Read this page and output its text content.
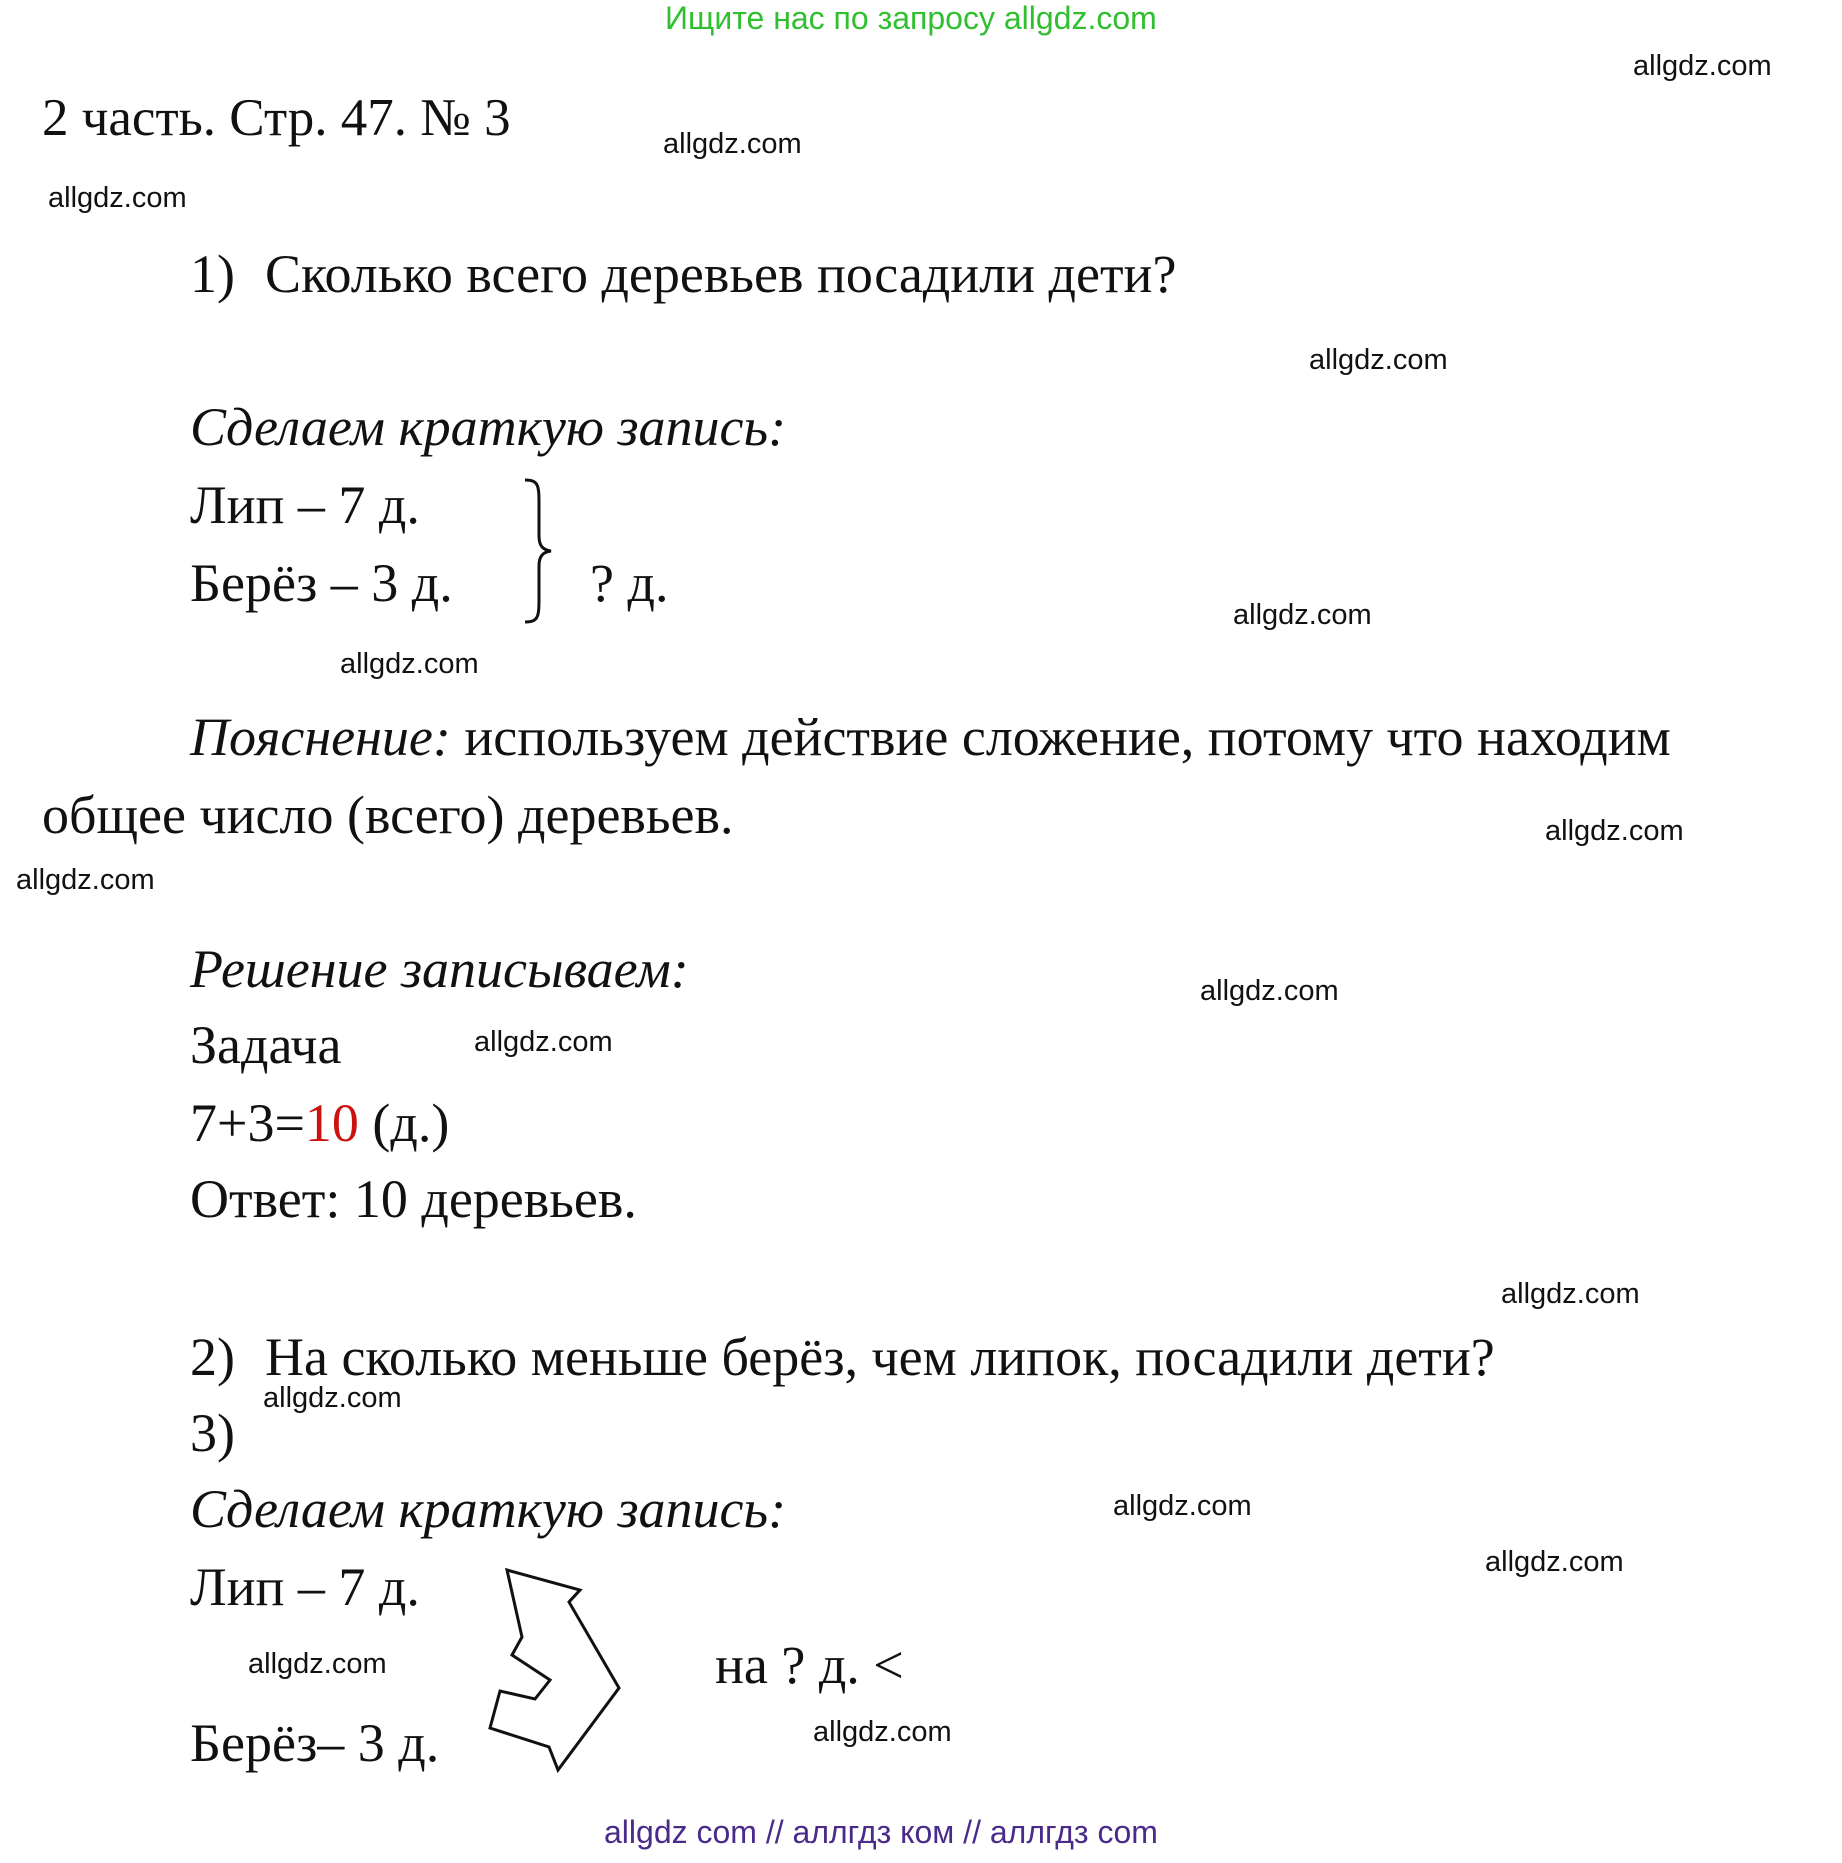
Ищите нас по запросу allgdz.com
2 часть. Стр. 47. № 3
1) Сколько всего деревьев посадили дети?
Сделаем краткую запись:
Лип – 7 д.
Берёз – 3 д.	? д.
Пояснение: используем действие сложение, потому что находим
общее число (всего) деревьев.
Решение записываем:
Задача
7+3=10 (д.)
Ответ: 10 деревьев.
2) На сколько меньше берёз, чем липок, посадили дети?
3)
Сделаем краткую запись:
Лип – 7 д.
Берёз– 3 д.
на ? д. <
allgdz.com
allgdz.com
allgdz.com
allgdz.com
allgdz.com
allgdz.com
allgdz.com
allgdz.com
allgdz.com
allgdz.com
allgdz.com
allgdz.com
allgdz.com
allgdz.com
allgdz.com
allgdz.com
allgdz com // аллгдз ком // аллгдз com
